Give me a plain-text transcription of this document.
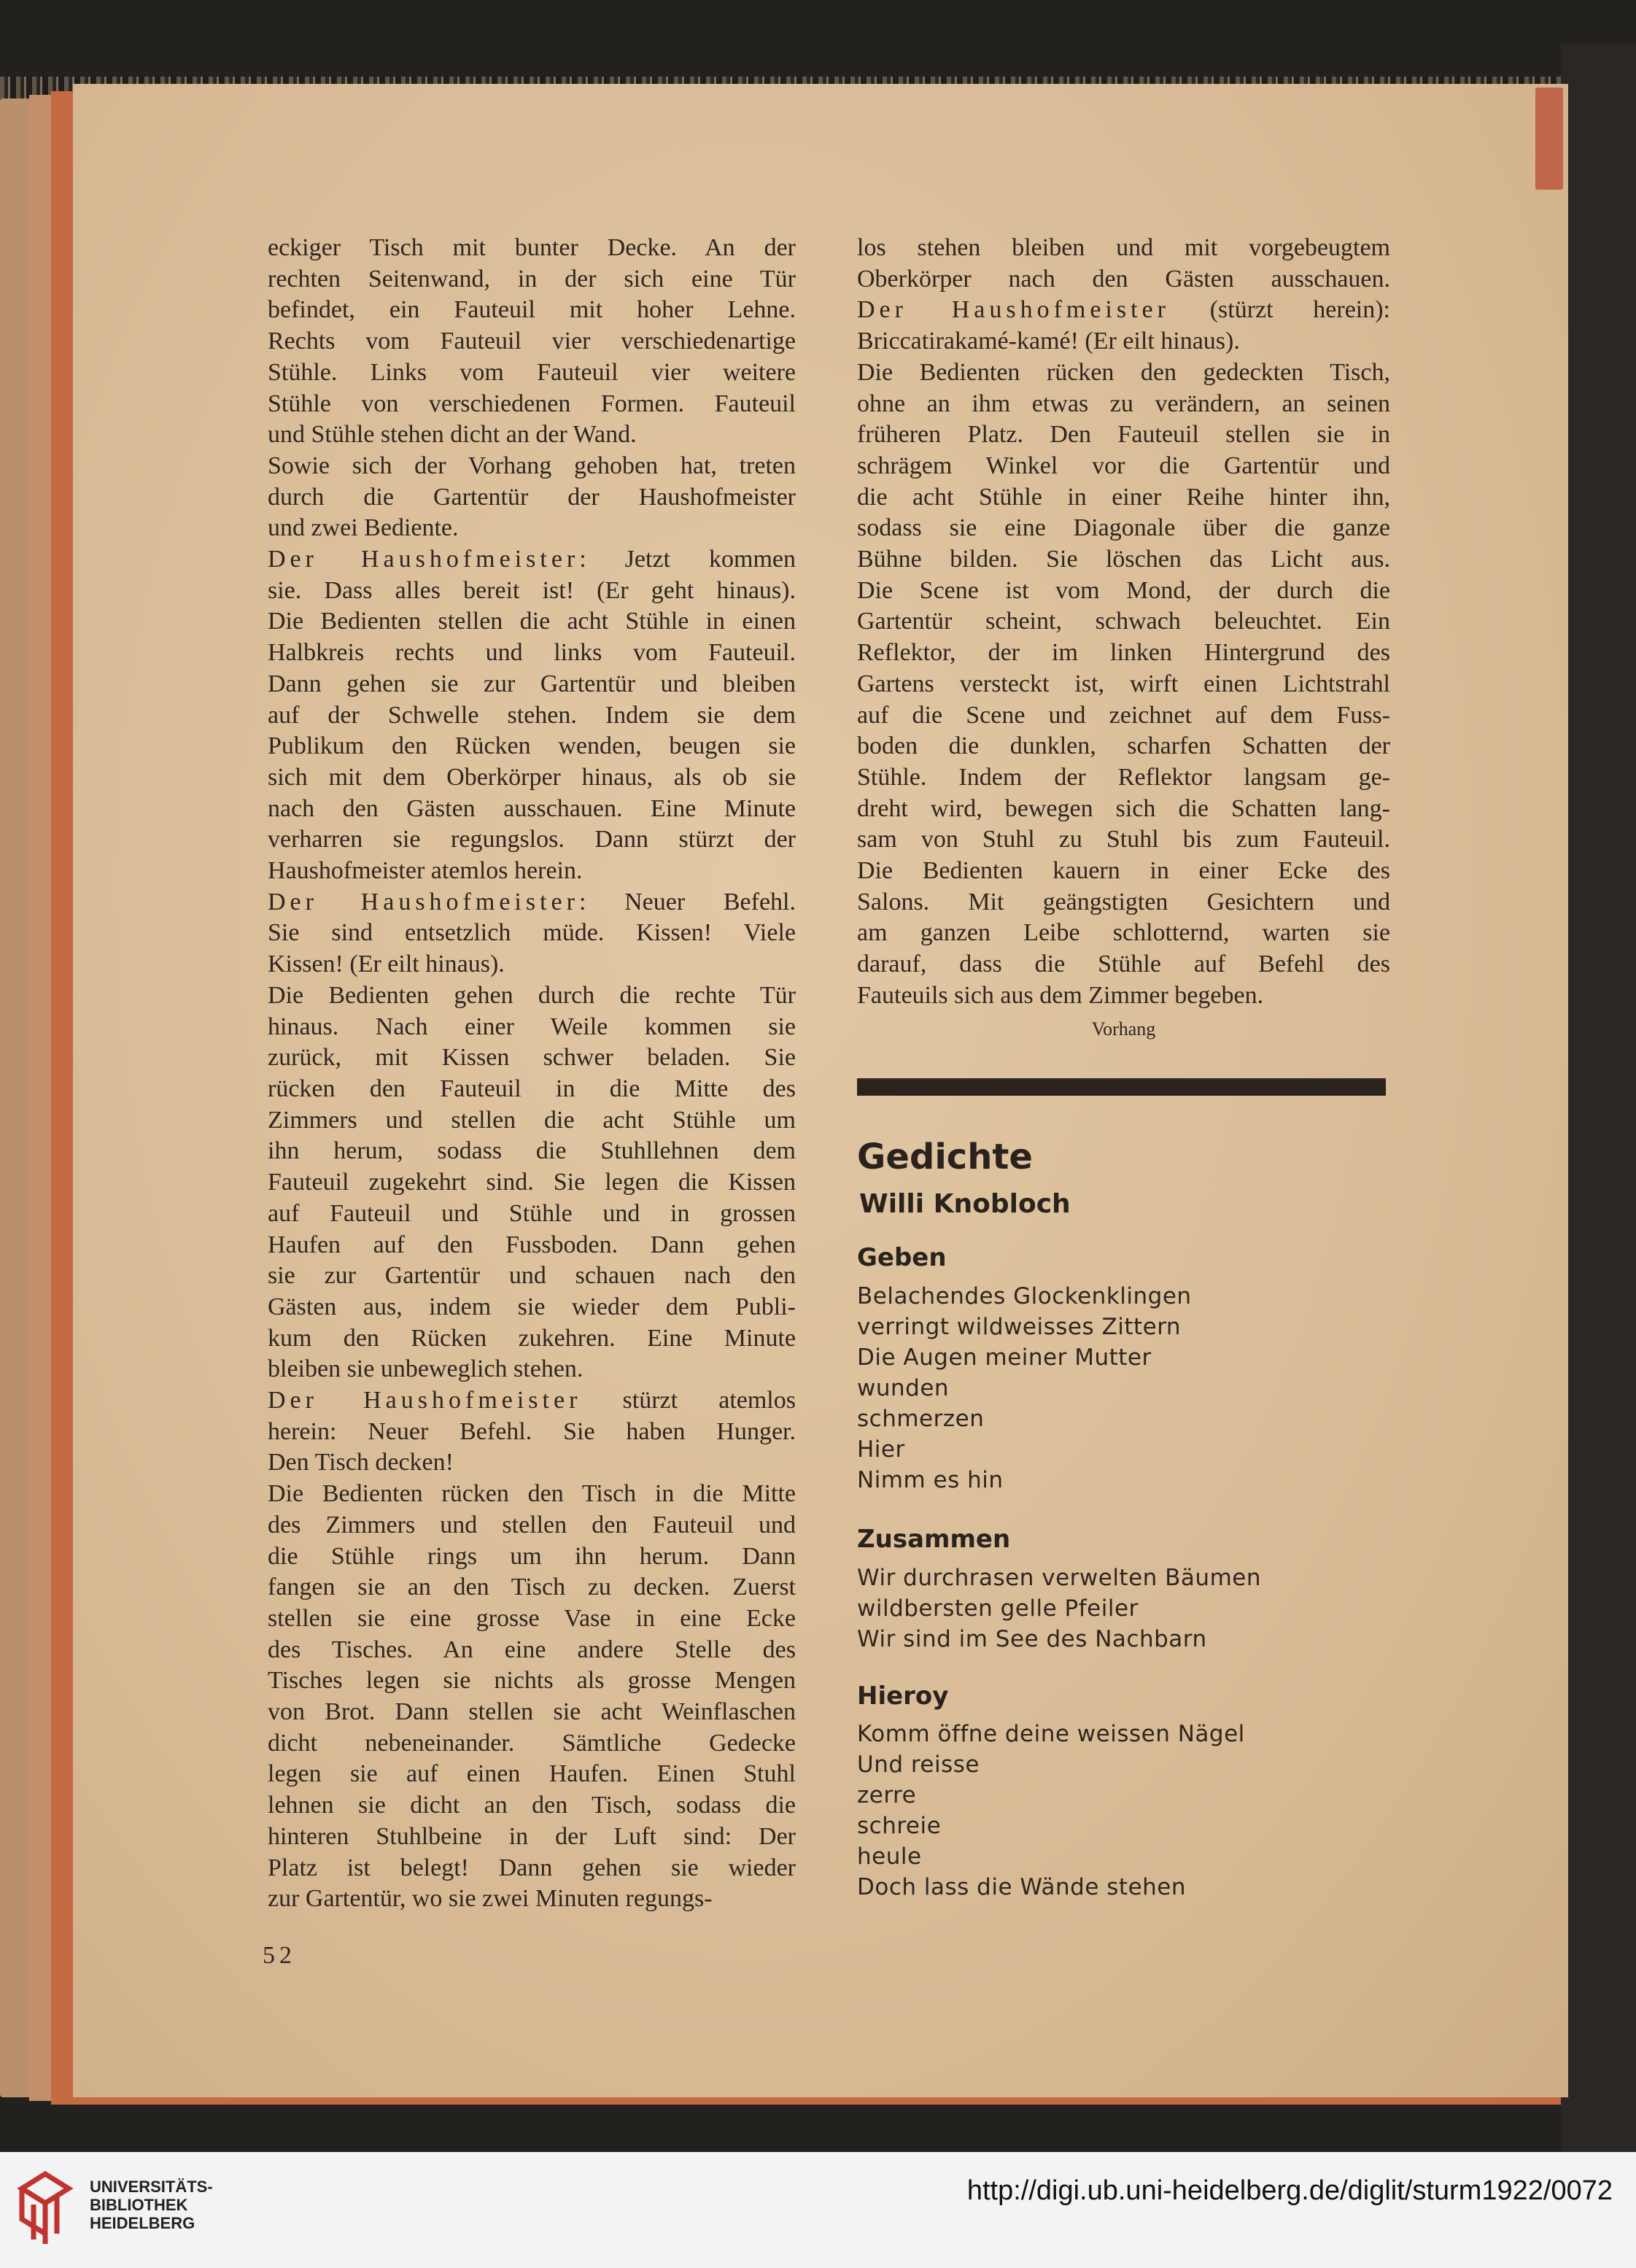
eckiger Tisch mit bunter Decke. An der
rechten Seitenwand, in der sich eine Tür
befindet, ein Fauteuil mit hoher Lehne.
Rechts vom Fauteuil vier verschiedenartige
Stühle. Links vom Fauteuil vier weitere
Stühle von verschiedenen Formen. Fauteuil
und Stühle stehen dicht an der Wand.
Sowie sich der Vorhang gehoben hat, treten
durch die Gartentür der Haushofmeister
und zwei Bediente.
Der Haushofmeister: Jetzt kommen
sie. Dass alles bereit ist! (Er geht hinaus).
Die Bedienten stellen die acht Stühle in einen
Halbkreis rechts und links vom Fauteuil.
Dann gehen sie zur Gartentür und bleiben
auf der Schwelle stehen. Indem sie dem
Publikum den Rücken wenden, beugen sie
sich mit dem Oberkörper hinaus, als ob sie
nach den Gästen ausschauen. Eine Minute
verharren sie regungslos. Dann stürzt der
Haushofmeister atemlos herein.
Der Haushofmeister: Neuer Befehl.
Sie sind entsetzlich müde. Kissen! Viele
Kissen! (Er eilt hinaus).
Die Bedienten gehen durch die rechte Tür
hinaus. Nach einer Weile kommen sie
zurück, mit Kissen schwer beladen. Sie
rücken den Fauteuil in die Mitte des
Zimmers und stellen die acht Stühle um
ihn herum, sodass die Stuhllehnen dem
Fauteuil zugekehrt sind. Sie legen die Kissen
auf Fauteuil und Stühle und in grossen
Haufen auf den Fussboden. Dann gehen
sie zur Gartentür und schauen nach den
Gästen aus, indem sie wieder dem Publi-
kum den Rücken zukehren. Eine Minute
bleiben sie unbeweglich stehen.
Der Haushofmeister stürzt atemlos
herein: Neuer Befehl. Sie haben Hunger.
Den Tisch decken!
Die Bedienten rücken den Tisch in die Mitte
des Zimmers und stellen den Fauteuil und
die Stühle rings um ihn herum. Dann
fangen sie an den Tisch zu decken. Zuerst
stellen sie eine grosse Vase in eine Ecke
des Tisches. An eine andere Stelle des
Tisches legen sie nichts als grosse Mengen
von Brot. Dann stellen sie acht Weinflaschen
dicht nebeneinander. Sämtliche Gedecke
legen sie auf einen Haufen. Einen Stuhl
lehnen sie dicht an den Tisch, sodass die
hinteren Stuhlbeine in der Luft sind: Der
Platz ist belegt! Dann gehen sie wieder
zur Gartentür, wo sie zwei Minuten regungs-
los stehen bleiben und mit vorgebeugtem
Oberkörper nach den Gästen ausschauen.
Der Haushofmeister (stürzt herein):
Briccatirakamé-kamé! (Er eilt hinaus).
Die Bedienten rücken den gedeckten Tisch,
ohne an ihm etwas zu verändern, an seinen
früheren Platz. Den Fauteuil stellen sie in
schrägem Winkel vor die Gartentür und
die acht Stühle in einer Reihe hinter ihn,
sodass sie eine Diagonale über die ganze
Bühne bilden. Sie löschen das Licht aus.
Die Scene ist vom Mond, der durch die
Gartentür scheint, schwach beleuchtet. Ein
Reflektor, der im linken Hintergrund des
Gartens versteckt ist, wirft einen Lichtstrahl
auf die Scene und zeichnet auf dem Fuss-
boden die dunklen, scharfen Schatten der
Stühle. Indem der Reflektor langsam ge-
dreht wird, bewegen sich die Schatten lang-
sam von Stuhl zu Stuhl bis zum Fauteuil.
Die Bedienten kauern in einer Ecke des
Salons. Mit geängstigten Gesichtern und
am ganzen Leibe schlotternd, warten sie
darauf, dass die Stühle auf Befehl des
Fauteuils sich aus dem Zimmer begeben.
Vorhang
Gedichte
Willi Knobloch
Geben
Belachendes Glockenklingen
verringt wildweisses Zittern
Die Augen meiner Mutter
wunden
schmerzen
Hier
Nimm es hin
Zusammen
Wir durchrasen verwelten Bäumen
wildbersten gelle Pfeiler
Wir sind im See des Nachbarn
Hieroy
Komm öffne deine weissen Nägel
Und reisse
zerre
schreie
heule
Doch lass die Wände stehen
52
UNIVERSITÄTS-
BIBLIOTHEK
HEIDELBERG
http://digi.ub.uni-heidelberg.de/diglit/sturm1922/0072
